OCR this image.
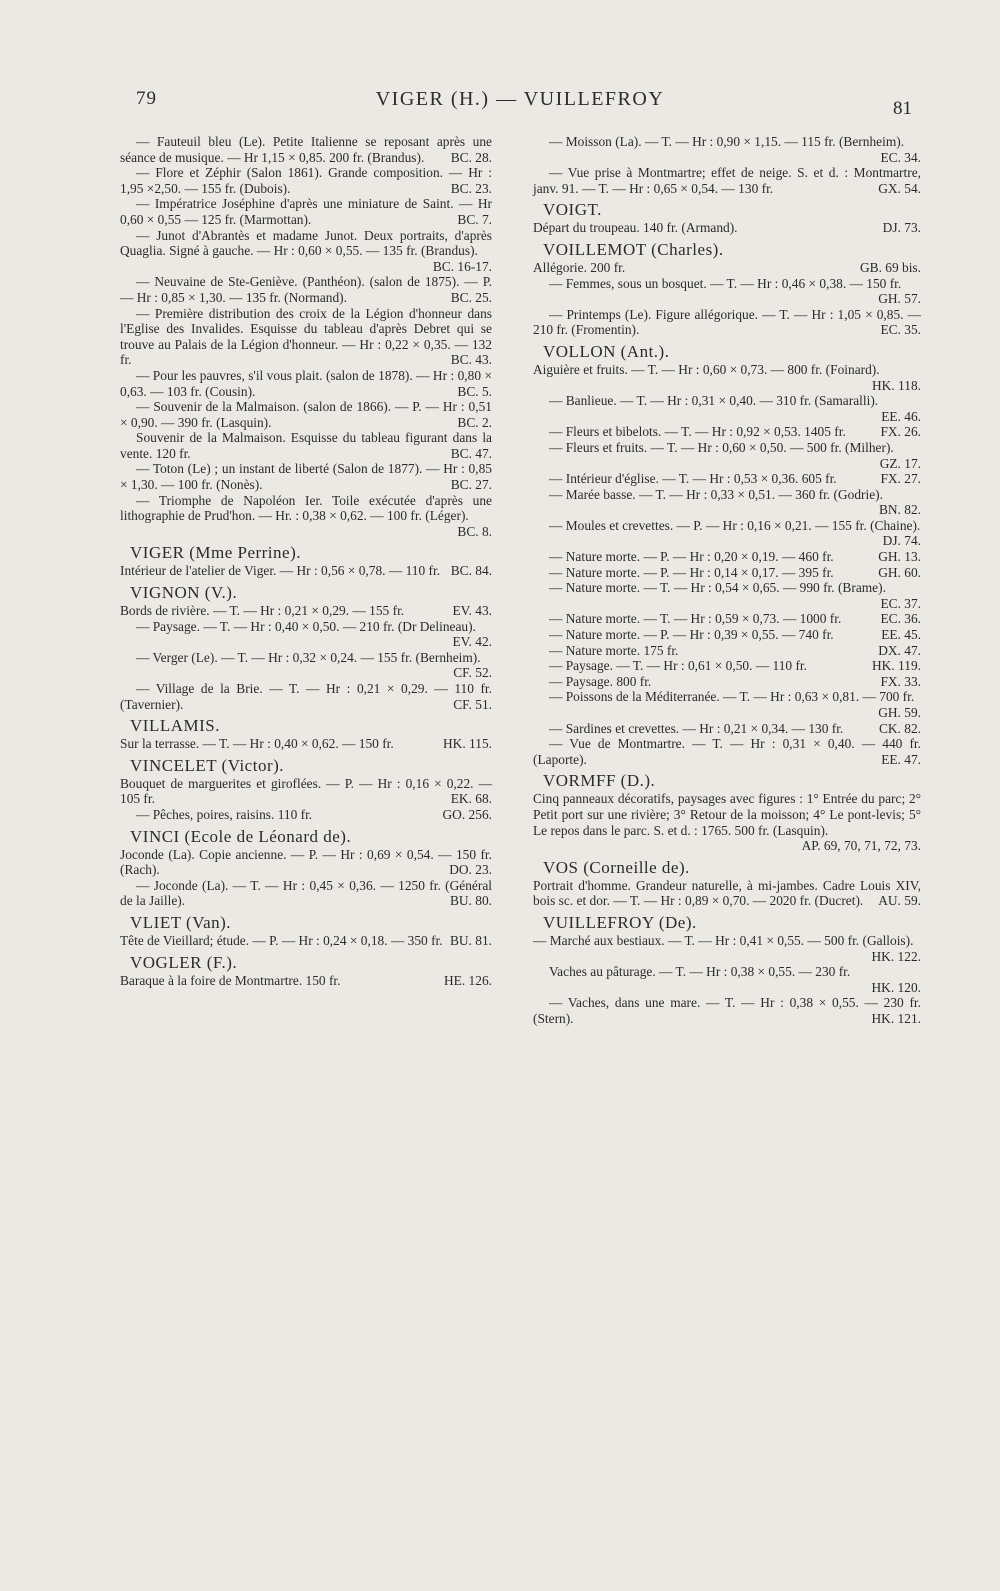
79	VIGER (H.) — VUILLEFROY	81
— Fauteuil bleu (Le). Petite Italienne se reposant après une séance de musique. — Hr 1,15 × 0,85. 200 fr. (Brandus).	BC. 28.
— Flore et Zéphir (Salon 1861). Grande composition. — Hr : 1,95 ×2,50. — 155 fr. (Dubois).	BC. 23.
— Impératrice Joséphine d'après une miniature de Saint. — Hr 0,60 × 0,55 — 125 fr. (Marmottan).	BC. 7.
— Junot d'Abrantès et madame Junot. Deux portraits, d'après Quaglia. Signé à gauche. — Hr : 0,60 × 0,55. — 135 fr. (Brandus).
BC. 16-17.
— Neuvaine de Ste-Geniève. (Panthéon). (salon de 1875). — P. — Hr : 0,85 × 1,30. — 135 fr. (Normand).	BC. 25.
— Première distribution des croix de la Légion d'honneur dans l'Eglise des Invalides. Esquisse du tableau d'après Debret qui se trouve au Palais de la Légion d'honneur. — Hr : 0,22 × 0,35. — 132 fr.	BC. 43.
— Pour les pauvres, s'il vous plait. (salon de 1878). — Hr : 0,80 × 0,63. — 103 fr. (Cousin).	BC. 5.
— Souvenir de la Malmaison. (salon de 1866). — P. — Hr : 0,51 × 0,90. — 390 fr. (Lasquin).	BC. 2.
Souvenir de la Malmaison. Esquisse du tableau figurant dans la vente. 120 fr.	BC. 47.
— Toton (Le) ; un instant de liberté (Salon de 1877). — Hr : 0,85 × 1,30. — 100 fr. (Nonès).	BC. 27.
— Triomphe de Napoléon Ier. Toile exécutée d'après une lithographie de Prud'hon. — Hr. : 0,38 × 0,62. — 100 fr. (Léger).
BC. 8.
VIGER (Mme Perrine).
Intérieur de l'atelier de Viger. — Hr : 0,56 × 0,78. — 110 fr. BC. 84.
VIGNON (V.).
Bords de rivière. — T. — Hr : 0,21 × 0,29. — 155 fr.	EV. 43.
— Paysage. — T. — Hr : 0,40 × 0,50. — 210 fr. (Dr Delineau).
EV. 42.
— Verger (Le). — T. — Hr : 0,32 × 0,24. — 155 fr. (Bernheim).
CF. 52.
— Village de la Brie. — T. — Hr : 0,21 × 0,29. — 110 fr. (Tavernier).	CF. 51.
VILLAMIS.
Sur la terrasse. — T. — Hr : 0,40 × 0,62. — 150 fr.	HK. 115.
VINCELET (Victor).
Bouquet de marguerites et giroflées. — P. — Hr : 0,16 × 0,22. — 105 fr.	EK. 68.
— Pêches, poires, raisins. 110 fr.	GO. 256.
VINCI (Ecole de Léonard de).
Joconde (La). Copie ancienne. — P. — Hr : 0,69 × 0,54. — 150 fr. (Rach).	DO. 23.
— Joconde (La). — T. — Hr : 0,45 × 0,36. — 1250 fr. (Général de la Jaille).	BU. 80.
VLIET (Van).
Tête de Vieillard; étude. — P. — Hr : 0,24 × 0,18. — 350 fr. BU. 81.
VOGLER (F.).
Baraque à la foire de Montmartre. 150 fr.	HE. 126.
— Moisson (La). — T. — Hr : 0,90 × 1,15. — 115 fr. (Bernheim).
EC. 34.
— Vue prise à Montmartre; effet de neige. S. et d. : Montmartre, janv. 91. — T. — Hr : 0,65 × 0,54. — 130 fr.	GX. 54.
VOIGT.
Départ du troupeau. 140 fr. (Armand).	DJ. 73.
VOILLEMOT (Charles).
Allégorie. 200 fr.	GB. 69 bis.
— Femmes, sous un bosquet. — T. — Hr : 0,46 × 0,38. — 150 fr.
GH. 57.
— Printemps (Le). Figure allégorique. — T. — Hr : 1,05 × 0,85. — 210 fr. (Fromentin).	EC. 35.
VOLLON (Ant.).
Aiguière et fruits. — T. — Hr : 0,60 × 0,73. — 800 fr. (Foinard).
HK. 118.
— Banlieue. — T. — Hr : 0,31 × 0,40. — 310 fr. (Samaralli).
EE. 46.
— Fleurs et bibelots. — T. — Hr : 0,92 × 0,53. 1405 fr.	FX. 26.
— Fleurs et fruits. — T. — Hr : 0,60 × 0,50. — 500 fr. (Milher).
GZ. 17.
— Intérieur d'église. — T. — Hr : 0,53 × 0,36. 605 fr.	FX. 27.
— Marée basse. — T. — Hr : 0,33 × 0,51. — 360 fr. (Godrie).
BN. 82.
— Moules et crevettes. — P. — Hr : 0,16 × 0,21. — 155 fr. (Chaine).
DJ. 74.
— Nature morte. — P. — Hr : 0,20 × 0,19. — 460 fr.	GH. 13.
— Nature morte. — P. — Hr : 0,14 × 0,17. — 395 fr.	GH. 60.
— Nature morte. — T. — Hr : 0,54 × 0,65. — 990 fr. (Brame).
EC. 37.
— Nature morte. — T. — Hr : 0,59 × 0,73. — 1000 fr.	EC. 36.
— Nature morte. — P. — Hr : 0,39 × 0,55. — 740 fr.	EE. 45.
— Nature morte. 175 fr.	DX. 47.
— Paysage. — T. — Hr : 0,61 × 0,50. — 110 fr.	HK. 119.
— Paysage. 800 fr.	FX. 33.
— Poissons de la Méditerranée. — T. — Hr : 0,63 × 0,81. — 700 fr.
GH. 59.
— Sardines et crevettes. — Hr : 0,21 × 0,34. — 130 fr.	CK. 82.
— Vue de Montmartre. — T. — Hr : 0,31 × 0,40. — 440 fr. (Laporte).	EE. 47.
VORMFF (D.).
Cinq panneaux décoratifs, paysages avec figures : 1° Entrée du parc; 2° Petit port sur une rivière; 3° Retour de la moisson; 4° Le pont-levis; 5° Le repos dans le parc. S. et d. : 1765. 500 fr. (Lasquin).
AP. 69, 70, 71, 72, 73.
VOS (Corneille de).
Portrait d'homme. Grandeur naturelle, à mi-jambes. Cadre Louis XIV, bois sc. et dor. — T. — Hr : 0,89 × 0,70. — 2020 fr. (Ducret).	AU. 59.
VUILLEFROY (De).
— Marché aux bestiaux. — T. — Hr : 0,41 × 0,55. — 500 fr. (Gallois).
HK. 122.
Vaches au pâturage. — T. — Hr : 0,38 × 0,55. — 230 fr.
HK. 120.
— Vaches, dans une mare. — T. — Hr : 0,38 × 0,55. — 230 fr. (Stern).	HK. 121.
